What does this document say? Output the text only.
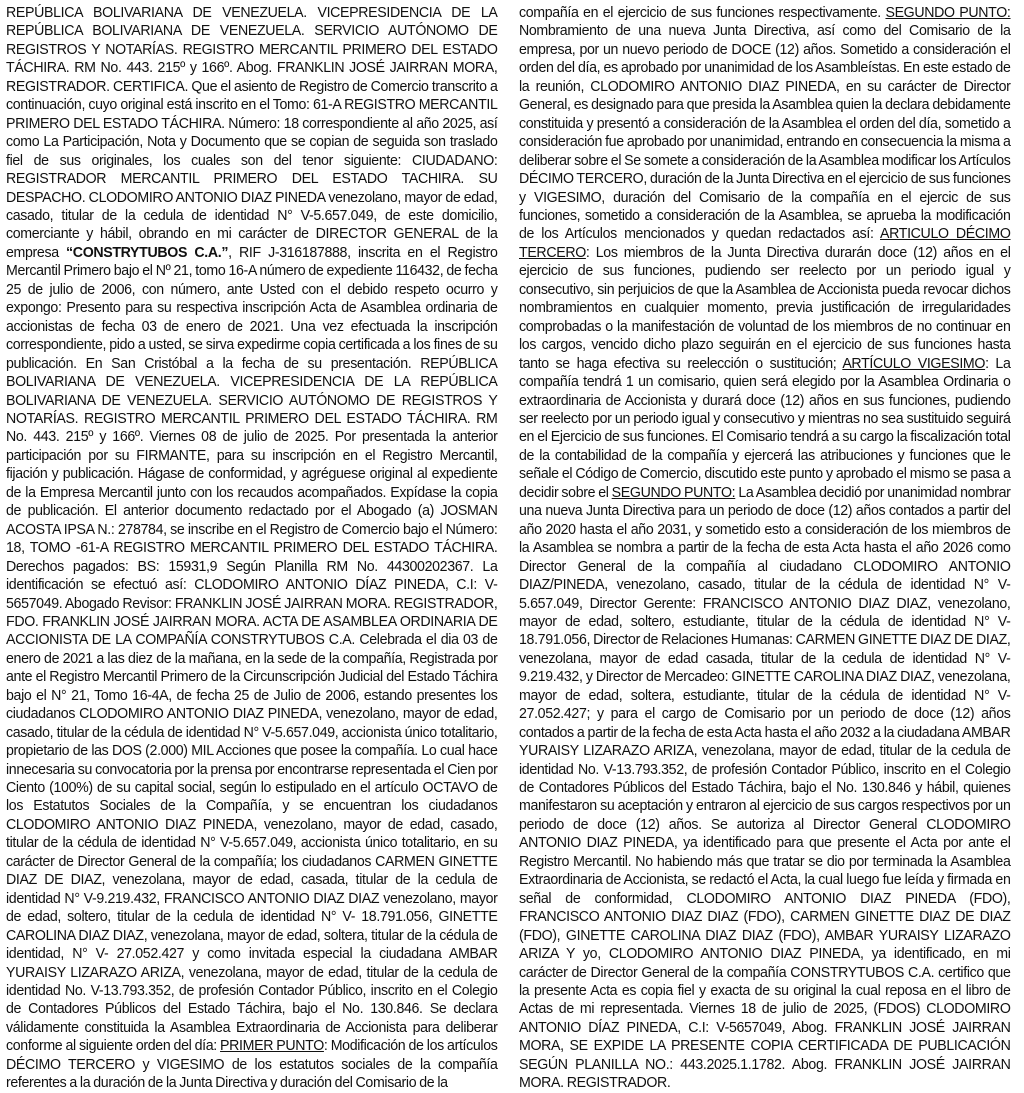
REPÚBLICA BOLIVARIANA DE VENEZUELA. VICEPRESIDENCIA DE LA REPÚBLICA BOLIVARIANA DE VENEZUELA. SERVICIO AUTÓNOMO DE REGISTROS Y NOTARÍAS. REGISTRO MERCANTIL PRIMERO DEL ESTADO TÁCHIRA. RM No. 443. 215º y 166º. Abog. FRANKLIN JOSÉ JAIRRAN MORA, REGISTRADOR. CERTIFICA. Que el asiento de Registro de Comercio transcrito a continuación, cuyo original está inscrito en el Tomo: 61-A REGISTRO MERCANTIL PRIMERO DEL ESTADO TÁCHIRA. Número: 18 correspondiente al año 2025, así como La Participación, Nota y Documento que se copian de seguida son traslado fiel de sus originales, los cuales son del tenor siguiente: CIUDADANO: REGISTRADOR MERCANTIL PRIMERO DEL ESTADO TACHIRA. SU DESPACHO. CLODOMIRO ANTONIO DIAZ PINEDA venezolano, mayor de edad, casado, titular de la cedula de identidad N° V-5.657.049, de este domicilio, comerciante y hábil, obrando en mi carácter de DIRECTOR GENERAL de la empresa “CONSTRYTUBOS C.A.”, RIF J-316187888, inscrita en el Registro Mercantil Primero bajo el Nº 21, tomo 16-A número de expediente 116432, de fecha 25 de julio de 2006, con número, ante Usted con el debido respeto ocurro y expongo: Presento para su respectiva inscripción Acta de Asamblea ordinaria de accionistas de fecha 03 de enero de 2021. Una vez efectuada la inscripción correspondiente, pido a usted, se sirva expedirme copia certificada a los fines de su publicación. En San Cristóbal a la fecha de su presentación. REPÚBLICA BOLIVARIANA DE VENEZUELA. VICEPRESIDENCIA DE LA REPÚBLICA BOLIVARIANA DE VENEZUELA. SERVICIO AUTÓNOMO DE REGISTROS Y NOTARÍAS. REGISTRO MERCANTIL PRIMERO DEL ESTADO TÁCHIRA. RM No. 443. 215º y 166º. Viernes 08 de julio de 2025. Por presentada la anterior participación por su FIRMANTE, para su inscripción en el Registro Mercantil, fijación y publicación. Hágase de conformidad, y agréguese original al expediente de la Empresa Mercantil junto con los recaudos acompañados. Expídase la copia de publicación. El anterior documento redactado por el Abogado (a) JOSMAN ACOSTA IPSA N.: 278784, se inscribe en el Registro de Comercio bajo el Número: 18, TOMO -61-A REGISTRO MERCANTIL PRIMERO DEL ESTADO TÁCHIRA. Derechos pagados: BS: 15931,9 Según Planilla RM No. 44300202367. La identificación se efectuó así: CLODOMIRO ANTONIO DÍAZ PINEDA, C.I: V-5657049. Abogado Revisor: FRANKLIN JOSÉ JAIRRAN MORA. REGISTRADOR, FDO. FRANKLIN JOSÉ JAIRRAN MORA. ACTA DE ASAMBLEA ORDINARIA DE ACCIONISTA DE LA COMPAÑÍA CONSTRYTUBOS C.A. Celebrada el dia 03 de enero de 2021 a las diez de la mañana, en la sede de la compañía, Registrada por ante el Registro Mercantil Primero de la Circunscripción Judicial del Estado Táchira bajo el N° 21, Tomo 16-4A, de fecha 25 de Julio de 2006, estando presentes los ciudadanos CLODOMIRO ANTONIO DIAZ PINEDA, venezolano, mayor de edad, casado, titular de la cédula de identidad N° V-5.657.049, accionista único totalitario, propietario de las DOS (2.000) MIL Acciones que posee la compañía. Lo cual hace innecesaria su convocatoria por la prensa por encontrarse representada el Cien por Ciento (100%) de su capital social, según lo estipulado en el artículo OCTAVO de los Estatutos Sociales de la Compañía, y se encuentran los ciudadanos CLODOMIRO ANTONIO DIAZ PINEDA, venezolano, mayor de edad, casado, titular de la cédula de identidad N° V-5.657.049, accionista único totalitario, en su carácter de Director General de la compañía; los ciudadanos CARMEN GINETTE DIAZ DE DIAZ, venezolana, mayor de edad, casada, titular de la cedula de identidad N° V-9.219.432, FRANCISCO ANTONIO DIAZ DIAZ venezolano, mayor de edad, soltero, titular de la cedula de identidad N° V- 18.791.056, GINETTE CAROLINA DIAZ DIAZ, venezolana, mayor de edad, soltera, titular de la cédula de identidad, N° V- 27.052.427 y como invitada especial la ciudadana AMBAR YURAISY LIZARAZO ARIZA, venezolana, mayor de edad, titular de la cedula de identidad No. V-13.793.352, de profesión Contador Público, inscrito en el Colegio de Contadores Públicos del Estado Táchira, bajo el No. 130.846. Se declara válidamente constituida la Asamblea Extraordinaria de Accionista para deliberar conforme al siguiente orden del día: PRIMER PUNTO: Modificación de los artículos DÉCIMO TERCERO y VIGESIMO de los estatutos sociales de la compañía referentes a la duración de la Junta Directiva y duración del Comisario de la

compañía en el ejercicio de sus funciones respectivamente. SEGUNDO PUNTO: Nombramiento de una nueva Junta Directiva, así como del Comisario de la empresa, por un nuevo periodo de DOCE (12) años. Sometido a consideración el orden del día, es aprobado por unanimidad de los Asambleístas. En este estado de la reunión, CLODOMIRO ANTONIO DIAZ PINEDA, en su carácter de Director General, es designado para que presida la Asamblea quien la declara debidamente constituida y presentó a consideración de la Asamblea el orden del día, sometido a consideración fue aprobado por unanimidad, entrando en consecuencia la misma a deliberar sobre el Se somete a consideración de la Asamblea modificar los Artículos DÉCIMO TERCERO, duración de la Junta Directiva en el ejercicio de sus funciones y VIGESIMO, duración del Comisario de la compañía en el ejercic de sus funciones, sometido a consideración de la Asamblea, se aprueba la modificación de los Artículos mencionados y quedan redactados así: ARTICULO DÉCIMO TERCERO: Los miembros de la Junta Directiva durarán doce (12) años en el ejercicio de sus funciones, pudiendo ser reelecto por un periodo igual y consecutivo, sin perjuicios de que la Asamblea de Accionista pueda revocar dichos nombramientos en cualquier momento, previa justificación de irregularidades comprobadas o la manifestación de voluntad de los miembros de no continuar en los cargos, vencido dicho plazo seguirán en el ejercicio de sus funciones hasta tanto se haga efectiva su reelección o sustitución; ARTÍCULO VIGESIMO: La compañía tendrá 1 un comisario, quien será elegido por la Asamblea Ordinaria o extraordinaria de Accionista y durará doce (12) años en sus funciones, pudiendo ser reelecto por un periodo igual y consecutivo y mientras no sea sustituido seguirá en el Ejercicio de sus funciones. El Comisario tendrá a su cargo la fiscalización total de la contabilidad de la compañía y ejercerá las atribuciones y funciones que le señale el Código de Comercio, discutido este punto y aprobado el mismo se pasa a decidir sobre el SEGUNDO PUNTO: La Asamblea decidió por unanimidad nombrar una nueva Junta Directiva para un periodo de doce (12) años contados a partir del año 2020 hasta el año 2031, y sometido esto a consideración de los miembros de la Asamblea se nombra a partir de la fecha de esta Acta hasta el año 2026 como Director General de la compañía al ciudadano CLODOMIRO ANTONIO DIAZ/PINEDA, venezolano, casado, titular de la cédula de identidad N° V-5.657.049, Director Gerente: FRANCISCO ANTONIO DIAZ DIAZ, venezolano, mayor de edad, soltero, estudiante, titular de la cédula de identidad N° V-18.791.056, Director de Relaciones Humanas: CARMEN GINETTE DIAZ DE DIAZ, venezolana, mayor de edad casada, titular de la cedula de identidad N° V-9.219.432, y Director de Mercadeo: GINETTE CAROLINA DIAZ DIAZ, venezolana, mayor de edad, soltera, estudiante, titular de la cédula de identidad N° V- 27.052.427; y para el cargo de Comisario por un periodo de doce (12) años contados a partir de la fecha de esta Acta hasta el año 2032 a la ciudadana AMBAR YURAISY LIZARAZO ARIZA, venezolana, mayor de edad, titular de la cedula de identidad No. V-13.793.352, de profesión Contador Público, inscrito en el Colegio de Contadores Públicos del Estado Táchira, bajo el No. 130.846 y hábil, quienes manifestaron su aceptación y entraron al ejercicio de sus cargos respectivos por un periodo de doce (12) años. Se autoriza al Director General CLODOMIRO ANTONIO DIAZ PINEDA, ya identificado para que presente el Acta por ante el Registro Mercantil. No habiendo más que tratar se dio por terminada la Asamblea Extraordinaria de Accionista, se redactó el Acta, la cual luego fue leída y firmada en señal de conformidad, CLODOMIRO ANTONIO DIAZ PINEDA (FDO), FRANCISCO ANTONIO DIAZ DIAZ (FDO), CARMEN GINETTE DIAZ DE DIAZ (FDO), GINETTE CAROLINA DIAZ DIAZ (FDO), AMBAR YURAISY LIZARAZO ARIZA Y yo, CLODOMIRO ANTONIO DIAZ PINEDA, ya identificado, en mi carácter de Director General de la compañía CONSTRYTUBOS C.A. certifico que la presente Acta es copia fiel y exacta de su original la cual reposa en el libro de Actas de mi representada. Viernes 18 de julio de 2025, (FDOS) CLODOMIRO ANTONIO DÍAZ PINEDA, C.I: V-5657049, Abog. FRANKLIN JOSÉ JAIRRAN MORA, SE EXPIDE LA PRESENTE COPIA CERTIFICADA DE PUBLICACIÓN SEGÚN PLANILLA NO.: 443.2025.1.1782. Abog. FRANKLIN JOSÉ JAIRRAN MORA. REGISTRADOR.
